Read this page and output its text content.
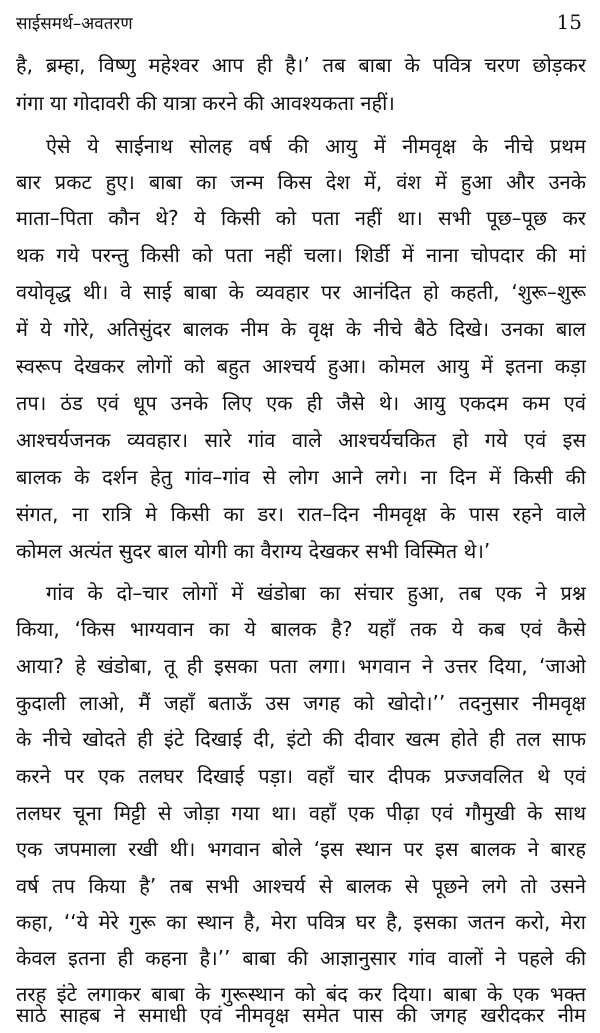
साईसमर्थ–अवतरण	15
है, ब्रम्हा, विष्णु महेश्वर आप ही है।’ तब बाबा के पवित्र चरण छोड़कर
गंगा या गोदावरी की यात्रा करने की आवश्यकता नहीं।
ऐसे ये साईनाथ सोलह वर्ष की आयु में नीमवृक्ष के नीचे प्रथम
बार प्रकट हुए। बाबा का जन्म किस देश में, वंश में हुआ और उनके
माता–पिता कौन थे? ये किसी को पता नहीं था। सभी पूछ–पूछ कर
थक गये परन्तु किसी को पता नहीं चला। शिर्डी में नाना चोपदार की मां
वयोवृद्ध थी। वे साई बाबा के व्यवहार पर आनंदित हो कहती, ‘शुरू–शुरू
में ये गोरे, अतिसुंदर बालक नीम के वृक्ष के नीचे बैठे दिखे। उनका बाल
स्वरूप देखकर लोगों को बहुत आश्चर्य हुआ। कोमल आयु में इतना कड़ा
तप। ठंड एवं धूप उनके लिए एक ही जैसे थे। आयु एकदम कम एवं
आश्चर्यजनक व्यवहार। सारे गांव वाले आश्चर्यचकित हो गये एवं इस
बालक के दर्शन हेतु गांव–गांव से लोग आने लगे। ना दिन में किसी की
संगत, ना रात्रि मे किसी का डर। रात–दिन नीमवृक्ष के पास रहने वाले
कोमल अत्यंत सुदर बाल योगी का वैराग्य देखकर सभी विस्मित थे।’
गांव के दो–चार लोगों में खंडोबा का संचार हुआ, तब एक ने प्रश्न
किया, ‘किस भाग्यवान का ये बालक है? यहाँ तक ये कब एवं कैसे
आया? हे खंडोबा, तू ही इसका पता लगा। भगवान ने उत्तर दिया, ‘जाओ
कुदाली लाओ, मैं जहाँ बताऊँ उस जगह को खोदो।’’ तदनुसार नीमवृक्ष
के नीचे खोदते ही इंटे दिखाई दी, इंटो की दीवार खत्म होते ही तल साफ
करने पर एक तलघर दिखाई पड़ा। वहाँ चार दीपक प्रज्जवलित थे एवं
तलघर चूना मिट्टी से जोड़ा गया था। वहाँ एक पीढ़ा एवं गौमुखी के साथ
एक जपमाला रखी थी। भगवान बोले ‘इस स्थान पर इस बालक ने बारह
वर्ष तप किया है’ तब सभी आश्चर्य से बालक से पूछने लगे तो उसने
कहा, ‘‘ये मेरे गुरू का स्थान है, मेरा पवित्र घर है, इसका जतन करो, मेरा
केवल इतना ही कहना है।’’ बाबा की आज्ञानुसार गांव वालों ने पहले की
तरह इंटे लगाकर बाबा के गुरूस्थान को बंद कर दिया। बाबा के एक भक्त
साठे साहब ने समाधी एवं नीमवृक्ष समेत पास की जगह खरीदकर नीम
